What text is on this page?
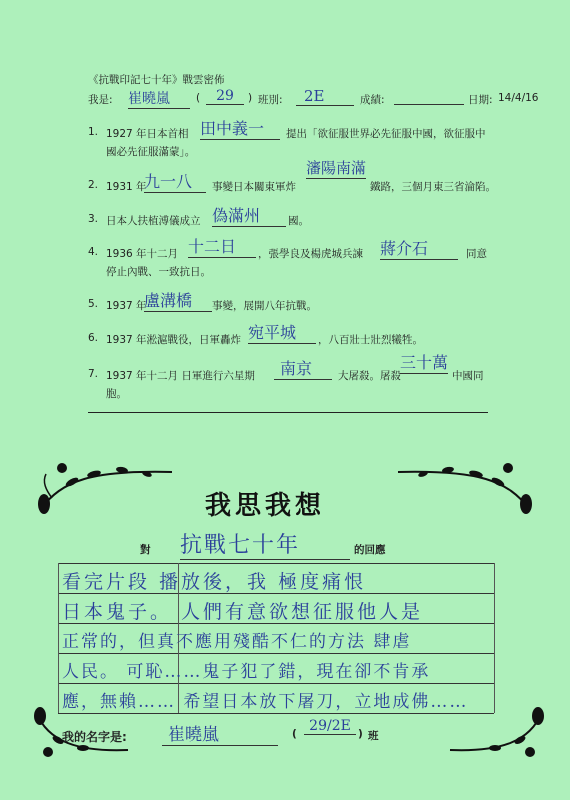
《抗戰印記七十年》戰雲密佈
我是: 崔曉嵐	(	29	) 班別:	2E	成績:	日期: 14/4/16
1. 1927 年日本首相 田中義一	提出「欲征服世界必先征服中國，欲征服中
國必先征服滿蒙」。
2. 1931 年
九一八	事變日本關東軍炸
瀋陽南滿
鐵路，三個月東三省淪陷。
3. 日本人扶植溥儀成立 偽滿州	國。
4. 1936 年十二月 十二日	，張學良及楊虎城兵諫 蔣介石	同意
停止內戰、一致抗日。
5. 1937 年
盧溝橋	事變，展開八年抗戰。
6. 1937 年淞滬戰役，日軍轟炸 宛平城	，八百壯士壯烈犧牲。
7. 1937 年十二月 日軍進行六星期	南京	大屠殺。屠殺
三十萬
中國同
胞。
我思我想
對 抗戰七十年	的回應
看完片段 播放後，我 極度痛恨
日本鬼子。 人們有意欲想征服他人是
正常的，但真不應用殘酷不仁的方法 肆虐
人民。 可恥……鬼子犯了錯，現在卻不肯承
應，無賴…… 希望日本放下屠刀，立地成佛……
我的名字是:	崔曉嵐	( 29/2E ) 班
